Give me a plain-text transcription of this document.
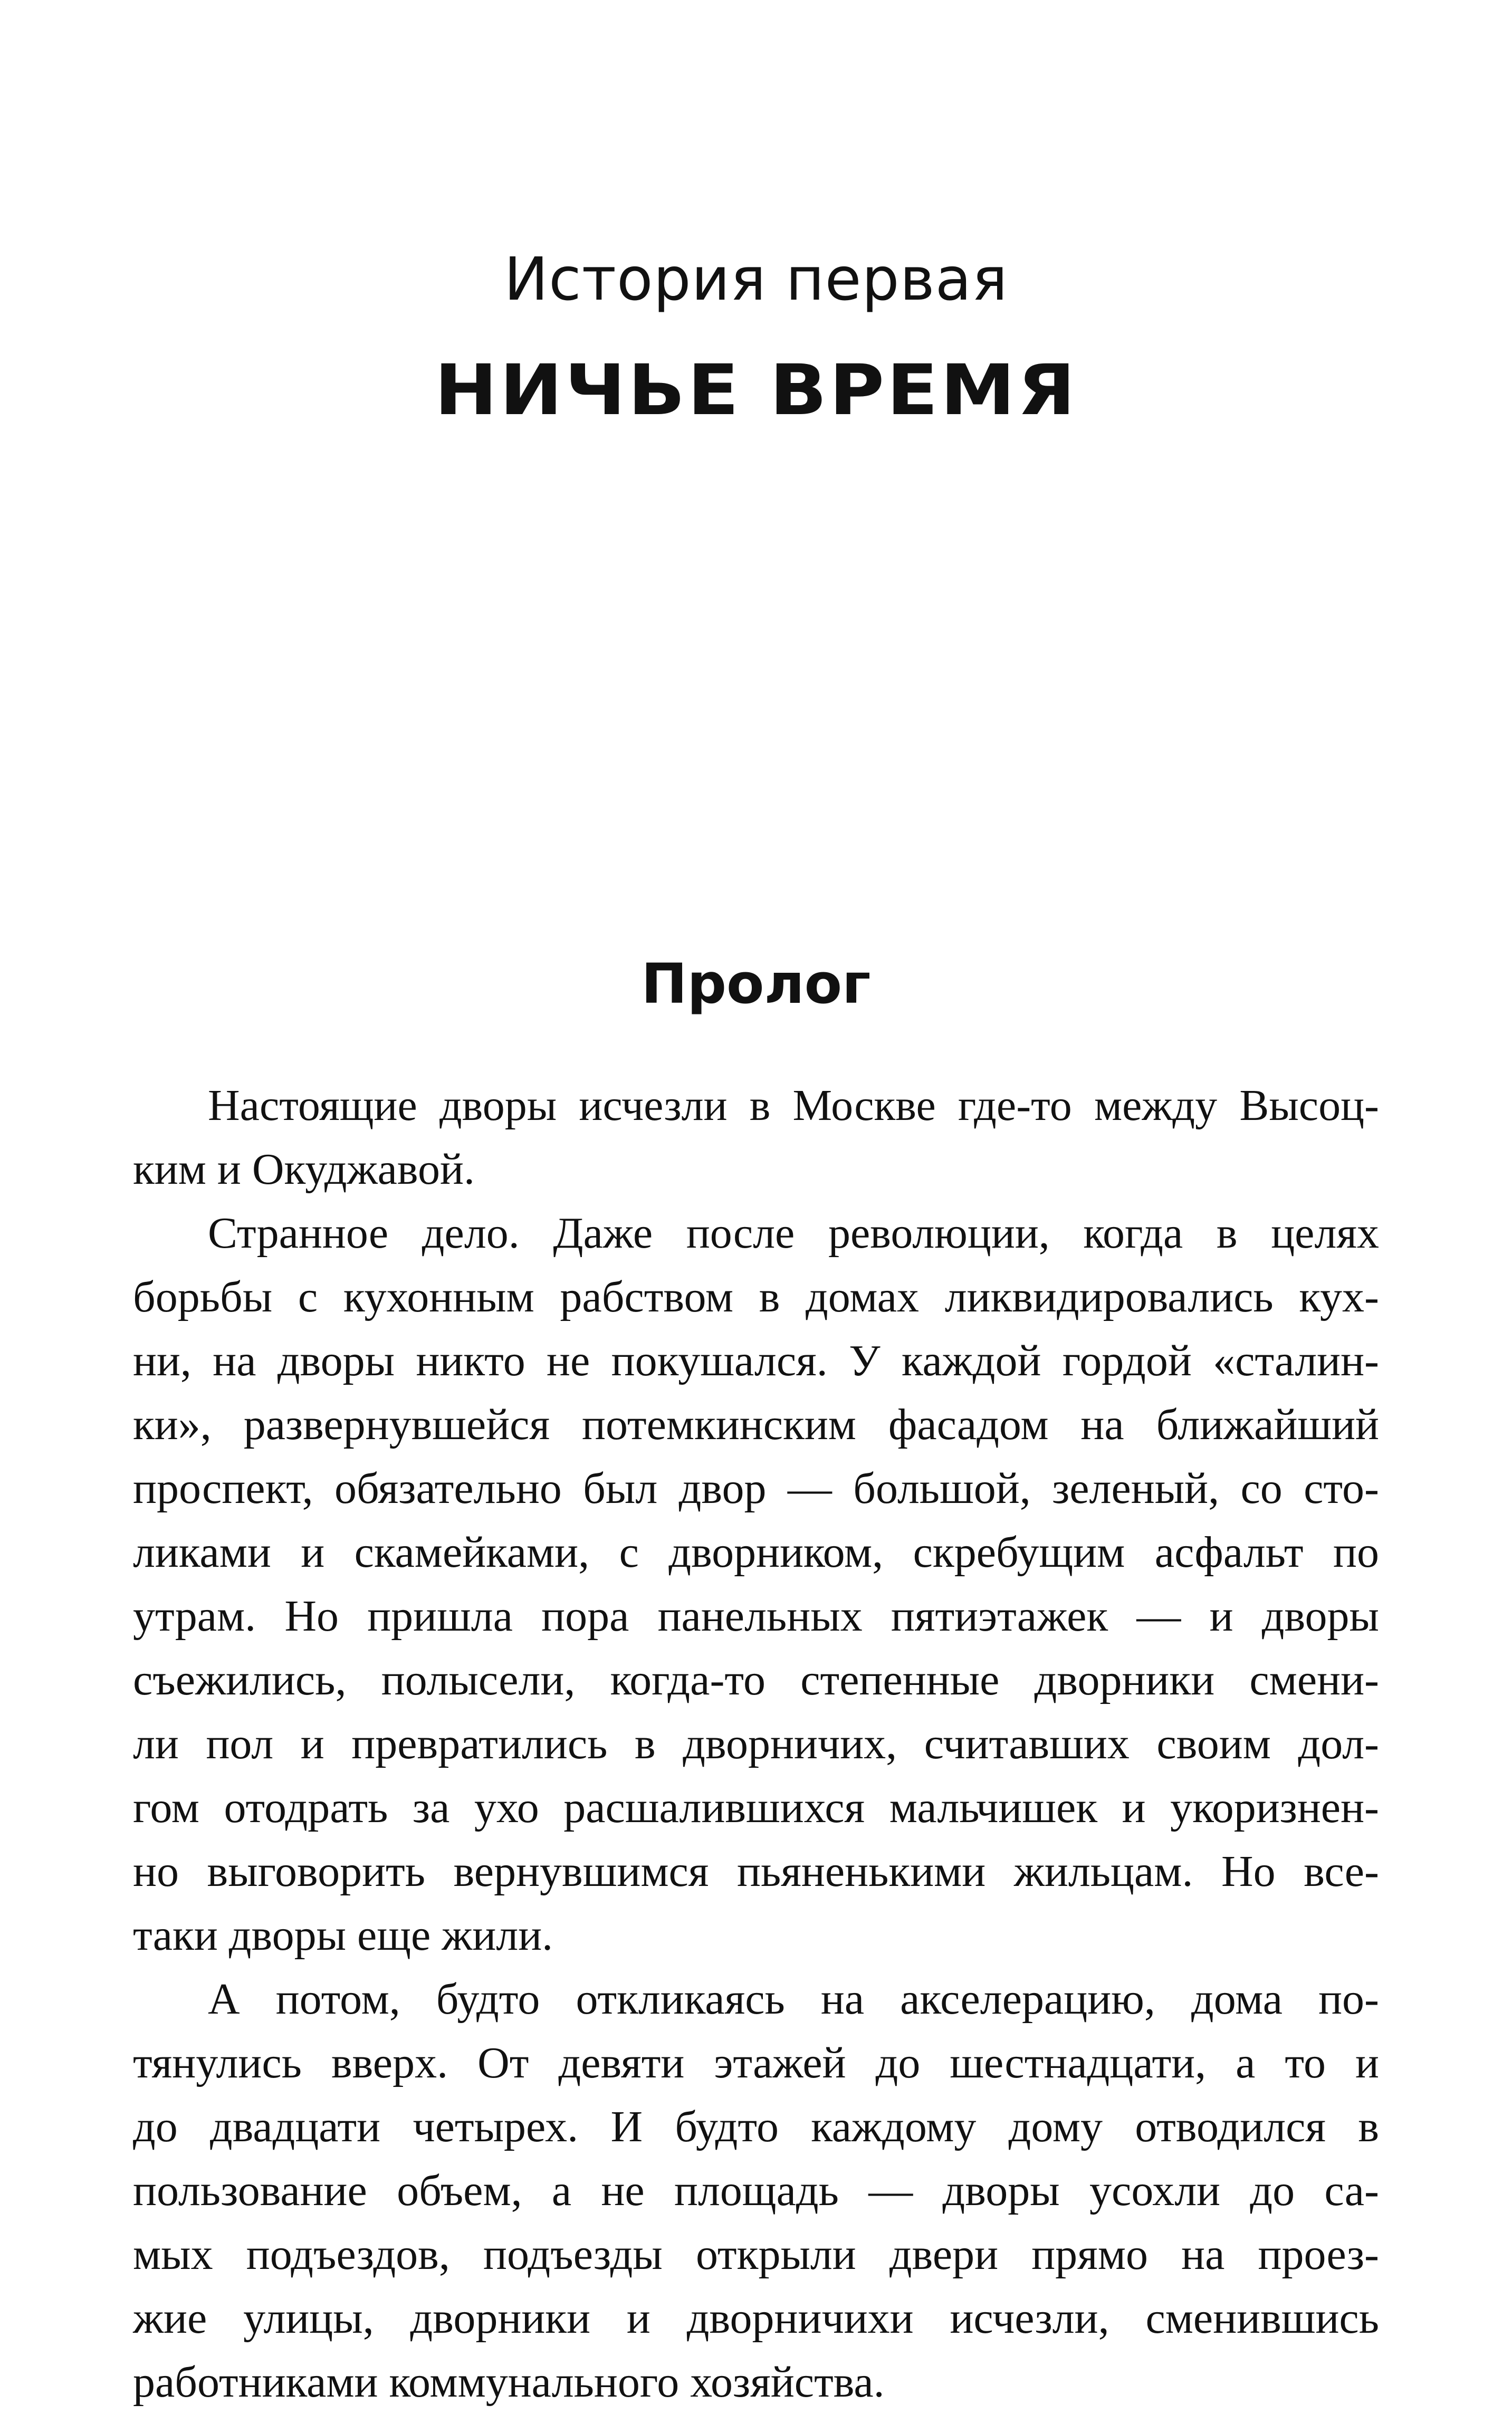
История первая
НИЧЬЕ ВРЕМЯ
Пролог
Настоящие дворы исчезли в Москве где-то между Высоц-
ким и Окуджавой.
Странное дело. Даже после революции, когда в целях
борьбы с кухонным рабством в домах ликвидировались кух-
ни, на дворы никто не покушался. У каждой гордой «сталин-
ки», развернувшейся потемкинским фасадом на ближайший
проспект, обязательно был двор — большой, зеленый, со сто-
ликами и скамейками, с дворником, скребущим асфальт по
утрам. Но пришла пора панельных пятиэтажек — и дворы
съежились, полысели, когда-то степенные дворники смени-
ли пол и превратились в дворничих, считавших своим дол-
гом отодрать за ухо расшалившихся мальчишек и укоризнен-
но выговорить вернувшимся пьяненькими жильцам. Но все-
таки дворы еще жили.
А потом, будто откликаясь на акселерацию, дома по-
тянулись вверх. От девяти этажей до шестнадцати, а то и
до двадцати четырех. И будто каждому дому отводился в
пользование объем, а не площадь — дворы усохли до са-
мых подъездов, подъезды открыли двери прямо на проез-
жие улицы, дворники и дворничихи исчезли, сменившись
работниками коммунального хозяйства.
